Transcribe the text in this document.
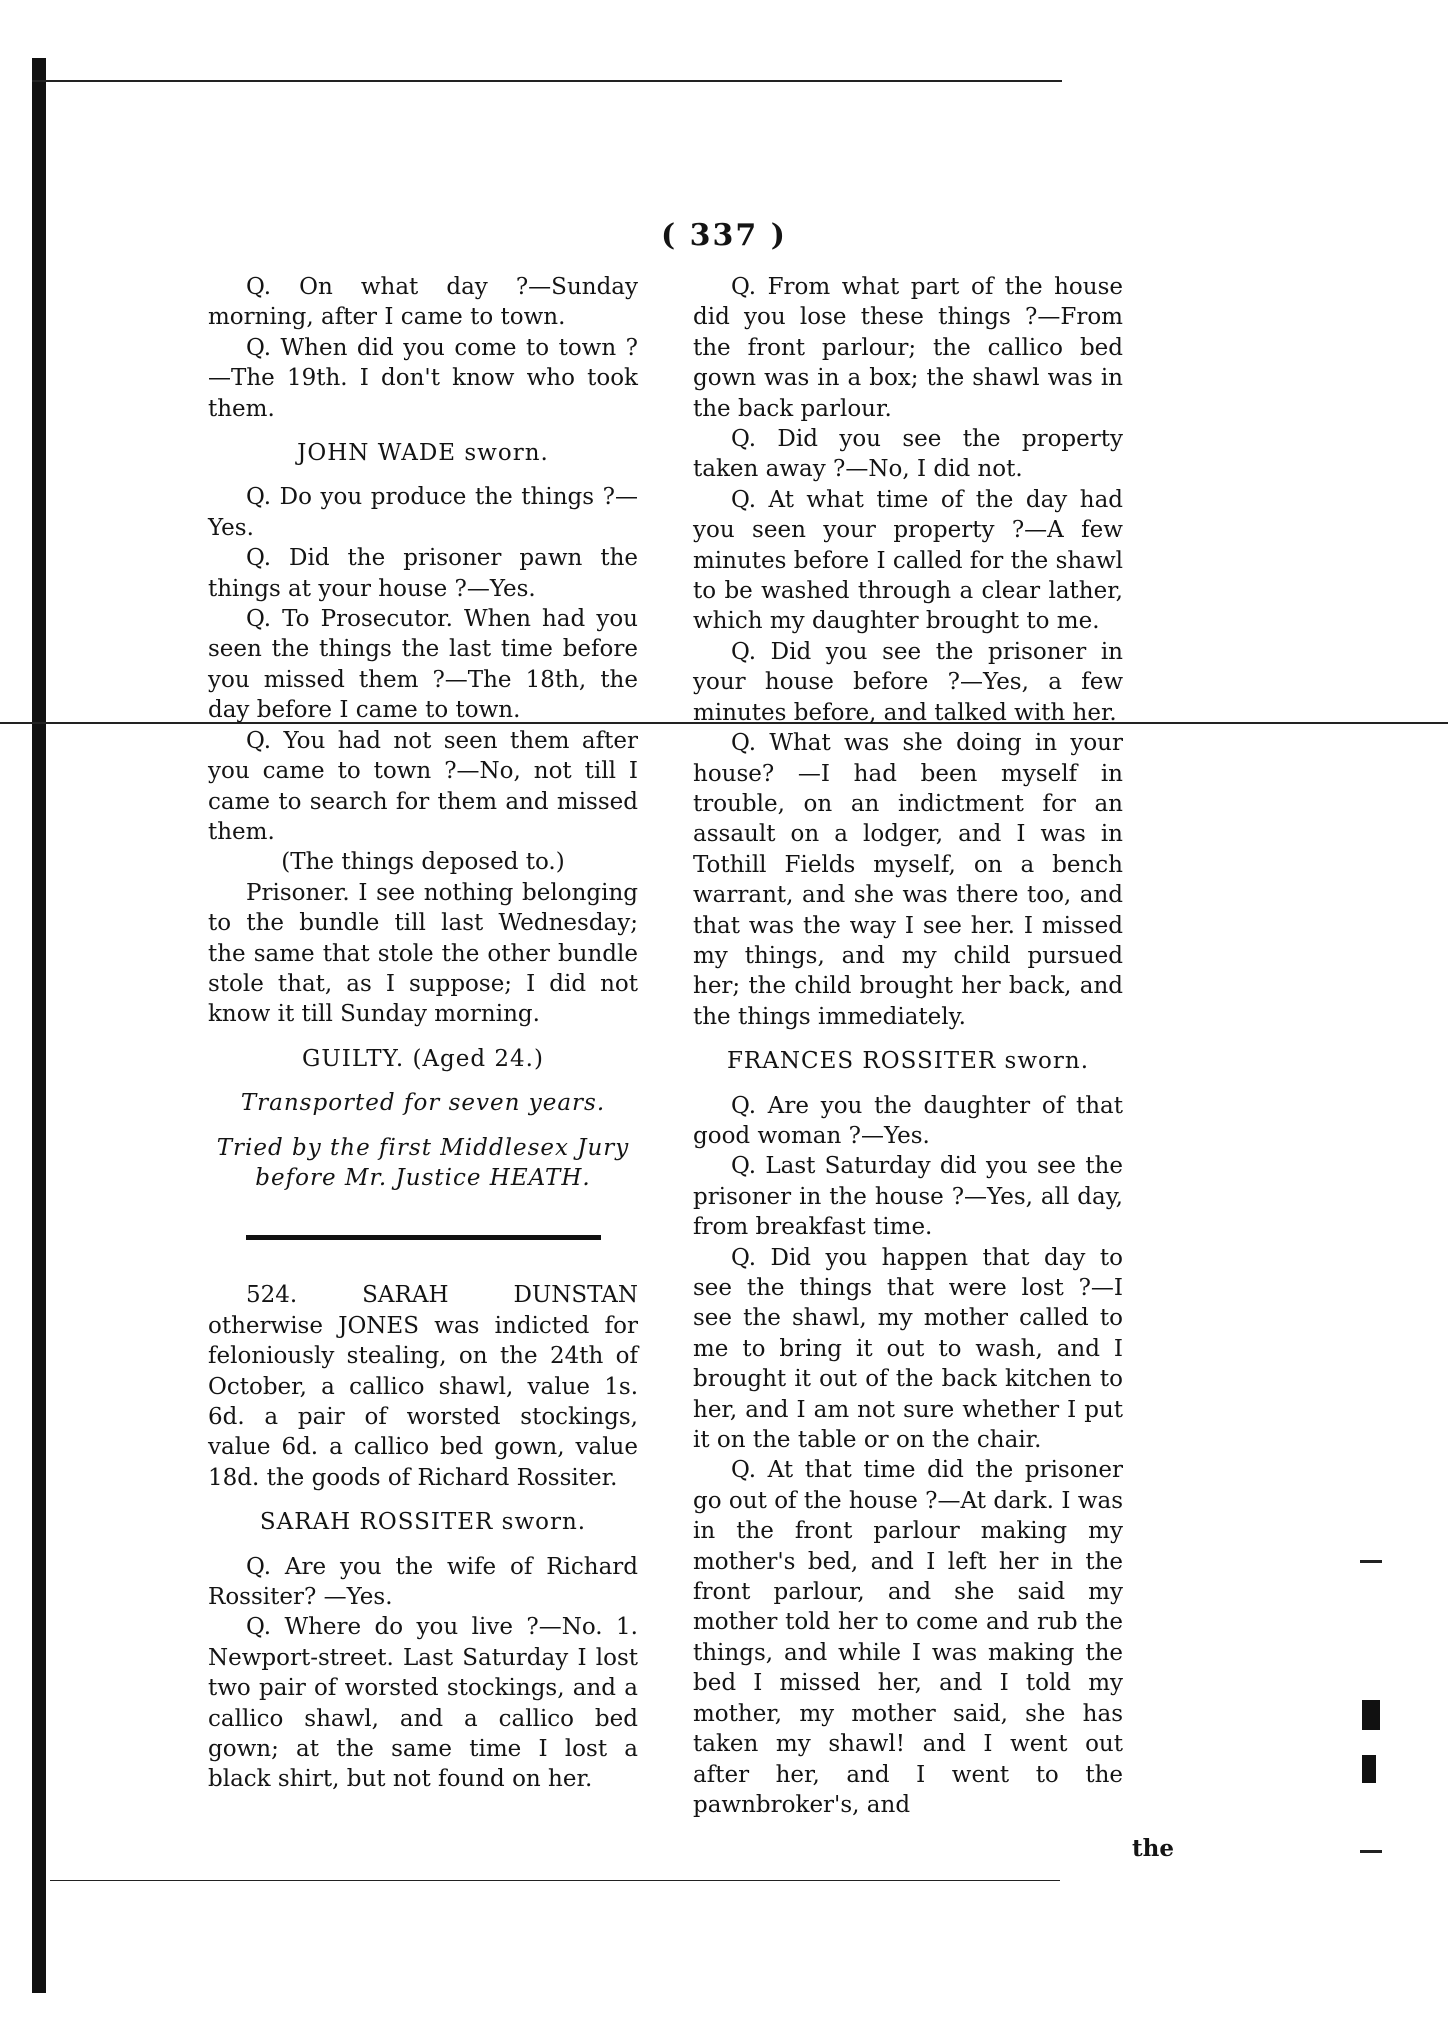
( 337 )

Q. On what day ?—Sunday morning, after I came to town.

Q. When did you come to town ?—The 19th. I don't know who took them.

JOHN WADE sworn.

Q. Do you produce the things ?—Yes.

Q. Did the prisoner pawn the things at your house ?—Yes.

Q. To Prosecutor. When had you seen the things the last time before you missed them ?—The 18th, the day before I came to town.

Q. You had not seen them after you came to town ?—No, not till I came to search for them and missed them.

(The things deposed to.)

Prisoner. I see nothing belonging to the bundle till last Wednesday; the same that stole the other bundle stole that, as I suppose; I did not know it till Sunday morning.

GUILTY. (Aged 24.)

Transported for seven years.

Tried by the first Middlesex Jury before Mr. Justice HEATH.

524. SARAH DUNSTAN otherwise JONES was indicted for feloniously stealing, on the 24th of October, a callico shawl, value 1s. 6d. a pair of worsted stockings, value 6d. a callico bed gown, value 18d. the goods of Richard Rossiter.

SARAH ROSSITER sworn.

Q. Are you the wife of Richard Rossiter? —Yes.

Q. Where do you live ?—No. 1. Newport-street. Last Saturday I lost two pair of worsted stockings, and a callico shawl, and a callico bed gown; at the same time I lost a black shirt, but not found on her.

Q. From what part of the house did you lose these things ?—From the front parlour; the callico bed gown was in a box; the shawl was in the back parlour.

Q. Did you see the property taken away ?—No, I did not.

Q. At what time of the day had you seen your property ?—A few minutes before I called for the shawl to be washed through a clear lather, which my daughter brought to me.

Q. Did you see the prisoner in your house before ?—Yes, a few minutes before, and talked with her.

Q. What was she doing in your house? —I had been myself in trouble, on an indictment for an assault on a lodger, and I was in Tothill Fields myself, on a bench warrant, and she was there too, and that was the way I see her. I missed my things, and my child pursued her; the child brought her back, and the things immediately.

FRANCES ROSSITER sworn.

Q. Are you the daughter of that good woman ?—Yes.

Q. Last Saturday did you see the prisoner in the house ?—Yes, all day, from breakfast time.

Q. Did you happen that day to see the things that were lost ?—I see the shawl, my mother called to me to bring it out to wash, and I brought it out of the back kitchen to her, and I am not sure whether I put it on the table or on the chair.

Q. At that time did the prisoner go out of the house ?—At dark. I was in the front parlour making my mother's bed, and I left her in the front parlour, and she said my mother told her to come and rub the things, and while I was making the bed I missed her, and I told my mother, my mother said, she has taken my shawl! and I went out after her, and I went to the pawnbroker's, and

the
